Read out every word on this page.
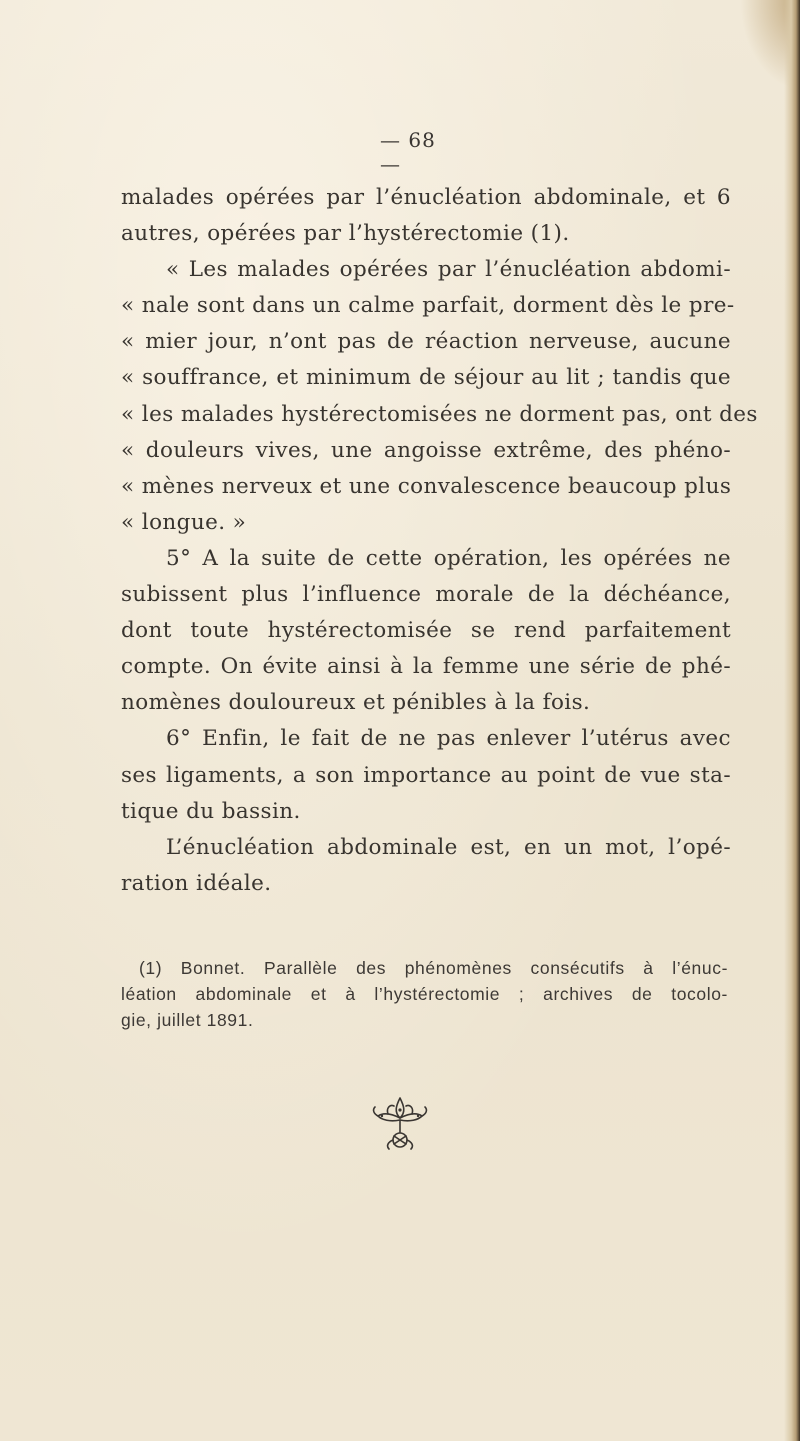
— 68 —
malades opérées par l’énucléation abdominale, et 6
autres, opérées par l’hystérectomie (1).
« Les malades opérées par l’énucléation abdomi-
« nale sont dans un calme parfait, dorment dès le pre-
« mier jour, n’ont pas de réaction nerveuse, aucune
« souffrance, et minimum de séjour au lit ; tandis que
« les malades hystérectomisées ne dorment pas, ont des
« douleurs vives, une angoisse extrême, des phéno-
« mènes nerveux et une convalescence beaucoup plus
« longue. »
5° A la suite de cette opération, les opérées ne
subissent plus l’influence morale de la déchéance,
dont toute hystérectomisée se rend parfaitement
compte. On évite ainsi à la femme une série de phé-
nomènes douloureux et pénibles à la fois.
6° Enfin, le fait de ne pas enlever l’utérus avec
ses ligaments, a son importance au point de vue sta-
tique du bassin.
L’énucléation abdominale est, en un mot, l’opé-
ration idéale.
(1) Bonnet. Parallèle des phénomènes consécutifs à l’énuc-
léation abdominale et à l’hystérectomie ; archives de tocolo-
gie, juillet 1891.
